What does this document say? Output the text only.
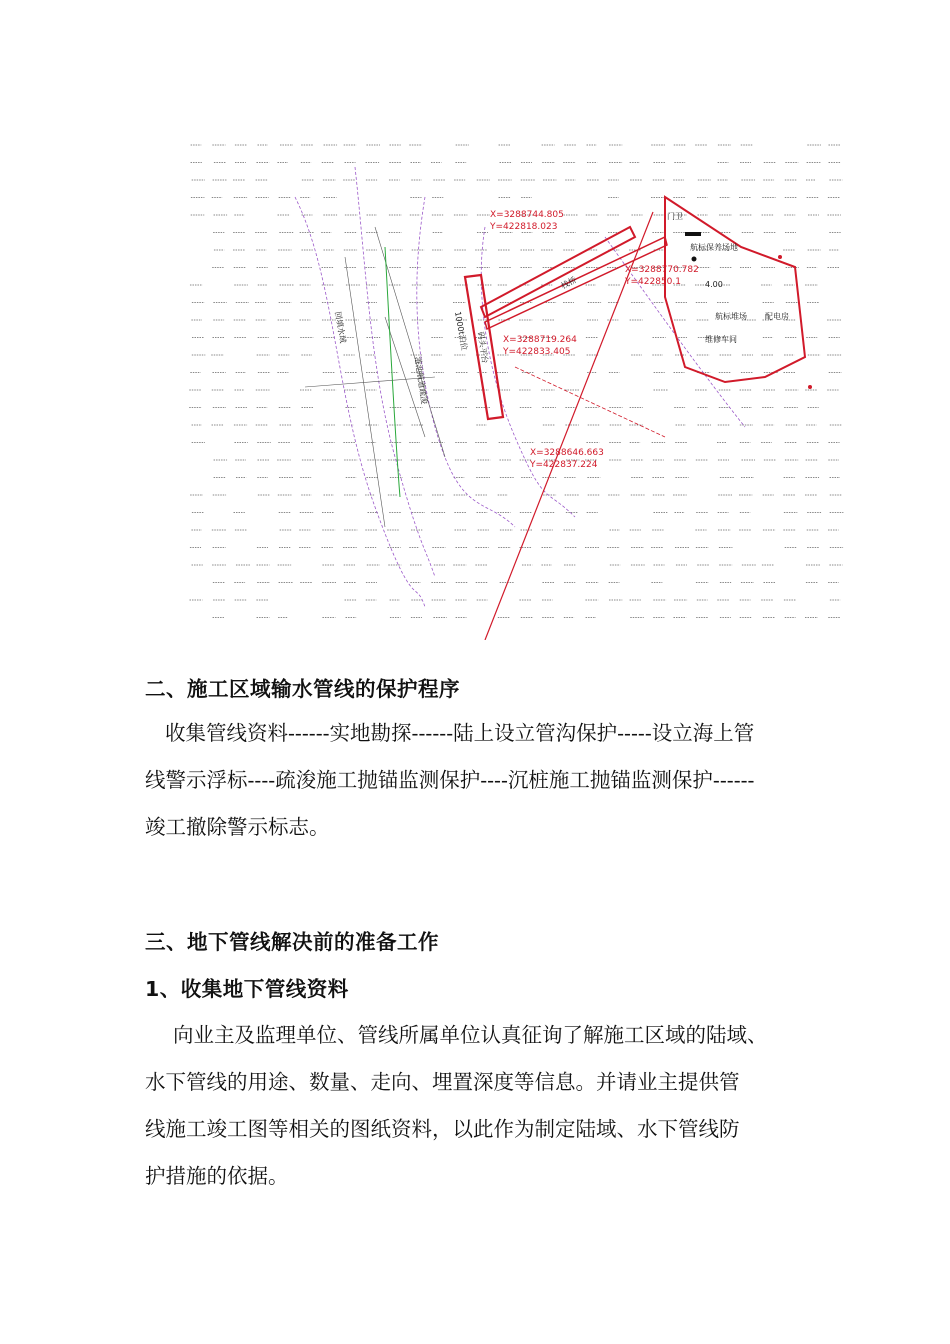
X=3288744.805
Y=422818.023
X=3288770.782
Y=422850.1
X=3288719.264
Y=422833.405
X=3288646.663
Y=422837.224
门卫
航标保养场地
航标堆场 配电房
维修车间
4.00
栈桥
码头平台
回填水域	1000t泊位
港池航道疏浚
二、施工区域输水管线的保护程序

收集管线资料------实地勘探------陆上设立管沟保护-----设立海上管
线警示浮标----疏浚施工抛锚监测保护----沉桩施工抛锚监测保护------
竣工撤除警示标志。

三、地下管线解决前的准备工作
1、收集地下管线资料

向业主及监理单位、管线所属单位认真征询了解施工区域的陆域、
水下管线的用途、数量、走向、埋置深度等信息。并请业主提供管
线施工竣工图等相关的图纸资料，以此作为制定陆域、水下管线防
护措施的依据。
